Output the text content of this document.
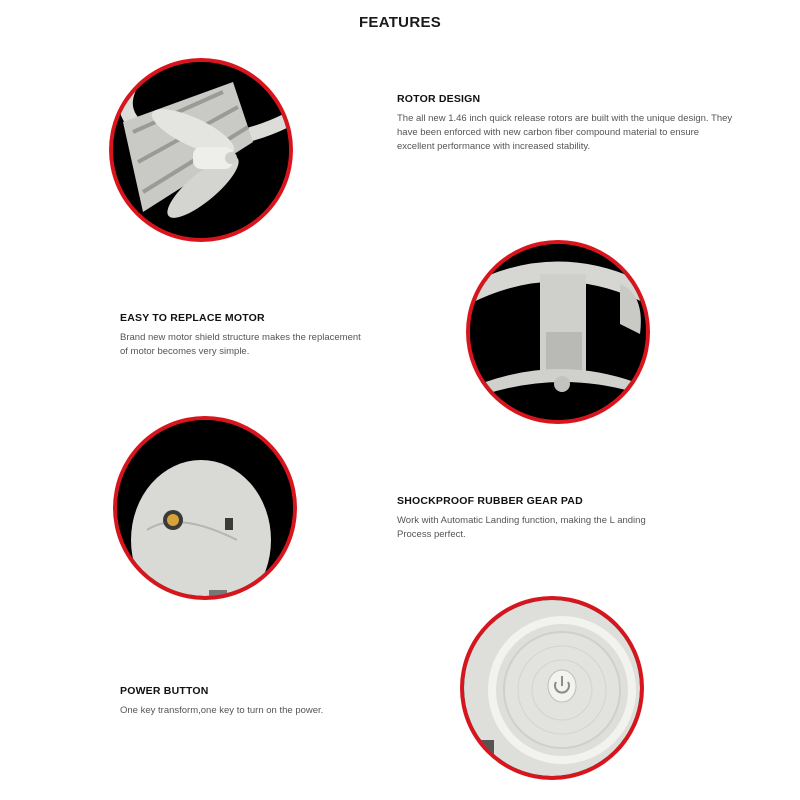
FEATURES
ROTOR DESIGN

The all new 1.46 inch quick release rotors are built with the unique design. They have been enforced with new carbon fiber compound material to ensure excellent performance with increased stability.

EASY TO REPLACE MOTOR

Brand new motor shield structure makes the replacement of motor becomes very simple.

SHOCKPROOF RUBBER GEAR PAD

Work with Automatic Landing function, making the L anding Process perfect.

POWER BUTTON

One key transform,one key to turn on the power.
